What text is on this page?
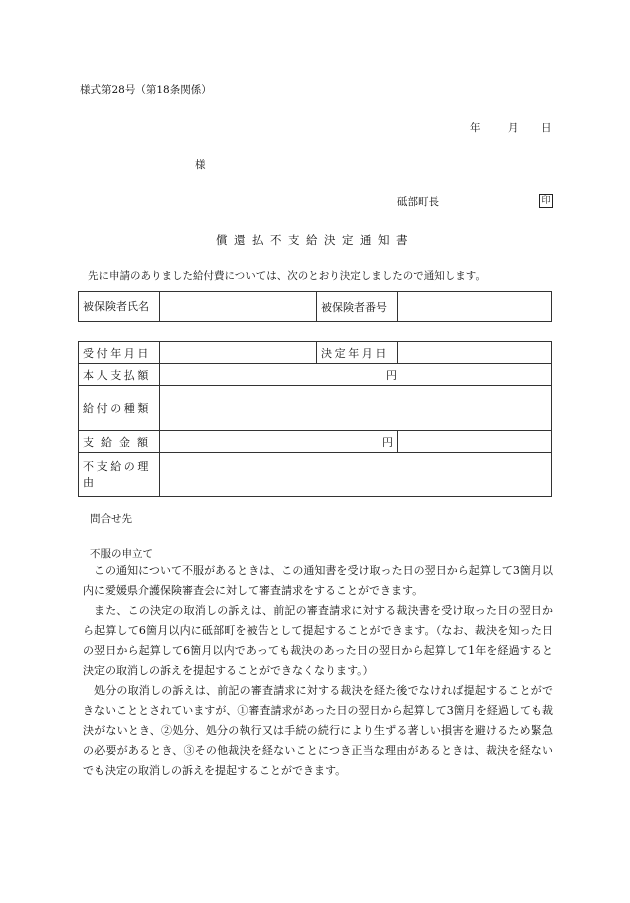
様式第28号（第18条関係）
年	月 日
様
砥部町長	印
償還払不支給決定通知書
先に申請のありました給付費については、次のとおり決定しましたので通知します。
被保険者氏名		被保険者番号	
受付年月日		決定年月日	
本人支払額	円		
給付の種類			
支給金額	円		
不支給の理由			
問合せ先
不服の申立て

この通知について不服があるときは、この通知書を受け取った日の翌日から起算して3箇月以内に愛媛県介護保険審査会に対して審査請求をすることができます。

また、この決定の取消しの訴えは、前記の審査請求に対する裁決書を受け取った日の翌日から起算して6箇月以内に砥部町を被告として提起することができます。（なお、裁決を知った日の翌日から起算して6箇月以内であっても裁決のあった日の翌日から起算して1年を経過すると決定の取消しの訴えを提起することができなくなります。）

処分の取消しの訴えは、前記の審査請求に対する裁決を経た後でなければ提起することができないこととされていますが、①審査請求があった日の翌日から起算して3箇月を経過しても裁決がないとき、②処分、処分の執行又は手続の続行により生ずる著しい損害を避けるため緊急の必要があるとき、③その他裁決を経ないことにつき正当な理由があるときは、裁決を経ないでも決定の取消しの訴えを提起することができます。
